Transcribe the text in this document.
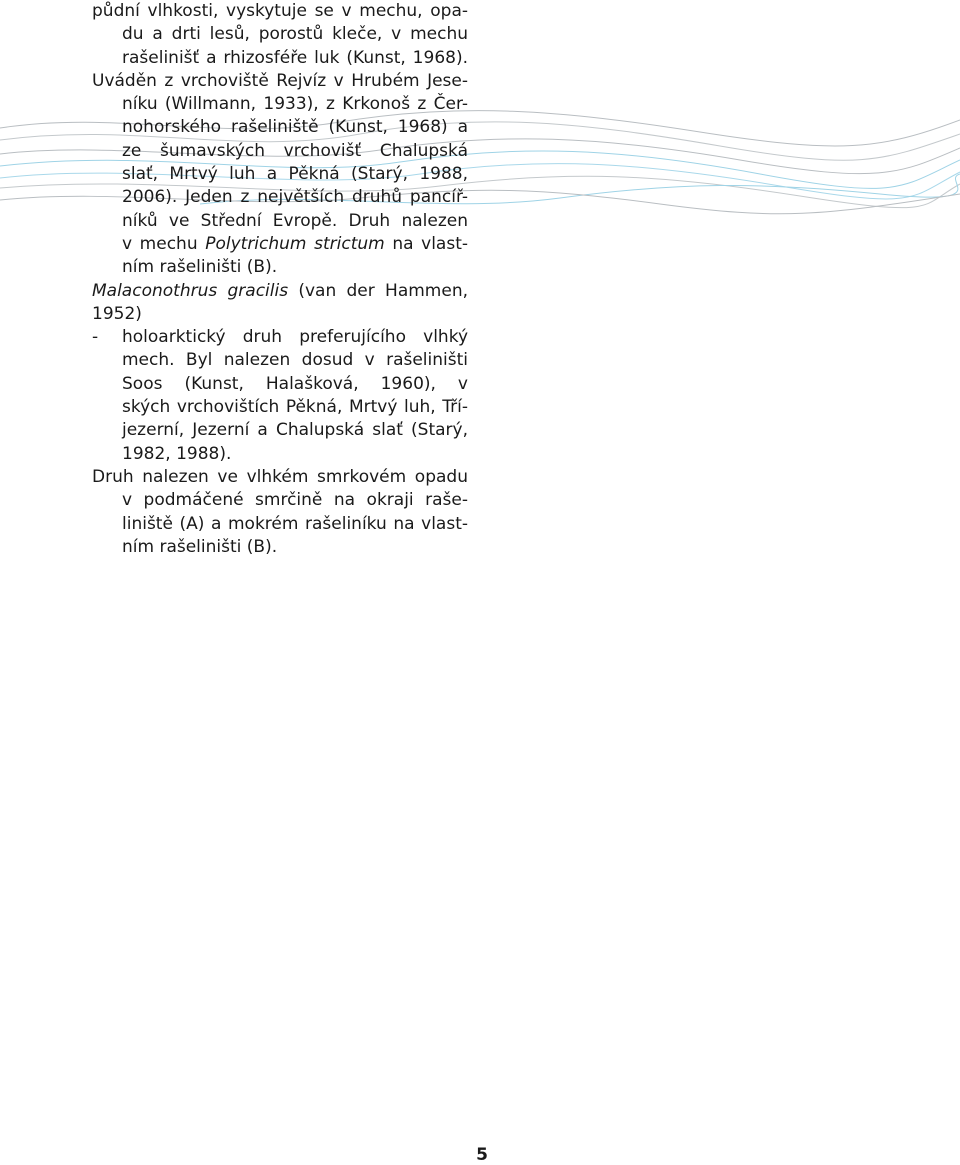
půdní vlhkosti, vyskytuje se v mechu, opa-
du a drti lesů, porostů kleče, v mechu
rašelinišť a rhizosféře luk (Kunst, 1968).
Uváděn z vrchoviště Rejvíz v Hrubém Jese-
níku (Willmann, 1933), z Krkonoš z Čer-
nohorského rašeliniště (Kunst, 1968) a
ze šumavských vrchovišť Chalupská
slať, Mrtvý luh a Pěkná (Starý, 1988,
2006). Jeden z největších druhů pancíř-
níků ve Střední Evropě. Druh nalezen
v mechu Polytrichum strictum na vlast-
ním rašeliništi (B).
Malaconothrus gracilis (van der Hammen,
1952)
-	holoarktický druh preferujícího vlhký
mech. Byl nalezen dosud v rašeliništi
Soos (Kunst, Halašková, 1960), v
ských vrchovištích Pěkná, Mrtvý luh, Tří-
jezerní, Jezerní a Chalupská slať (Starý,
1982, 1988).
Druh nalezen ve vlhkém smrkovém opadu
v podmáčené smrčině na okraji raše-
liniště (A) a mokrém rašeliníku na vlast-
ním rašeliništi (B).
5
